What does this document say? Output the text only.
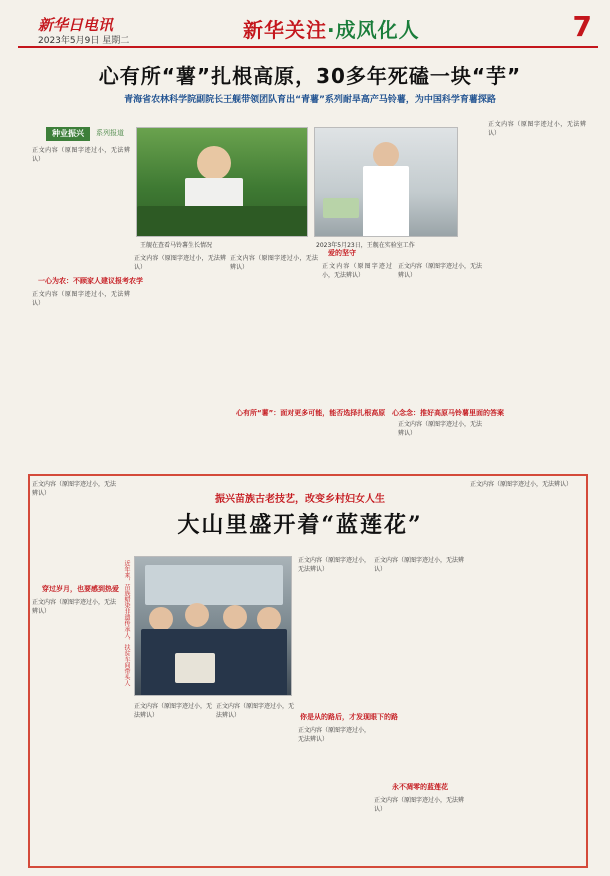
新华日电讯
2023年5月9日 星期二	新华关注·成风化人	7
心有所“薯”扎根高原，30多年死磕一块“芋”
青海省农林科学院副院长王舰带领团队育出“青薯”系列耐旱高产马铃薯，为中国科学育薯探路
种业振兴	系列报道
王舰在查看马铃薯生长情况	2023年5月23日，王舰在实验室工作
正文内容（原图字迹过小，无法辨认）
一心为农：不顾家人建议报考农学
正文内容（原图字迹过小，无法辨认）
正文内容（原图字迹过小，无法辨认）
心有所“薯”：面对更多可能，能否选择扎根高原
正文内容（原图字迹过小，无法辨认）
爱的坚守
正文内容（原图字迹过小，无法辨认）
正文内容（原图字迹过小，无法辨认）
心念念：推好高原马铃薯里面的答案
正文内容（原图字迹过小，无法辨认）
正文内容（原图字迹过小，无法辨认）
振兴苗族古老技艺，改变乡村妇女人生
大山里盛开着“蓝莲花”
近年来，苗族蜡染非遗传承人、扶贫车间带头人
正文内容（原图字迹过小，无法辨认）
穿过岁月，也要感到热爱
正文内容（原图字迹过小，无法辨认）
正文内容（原图字迹过小，无法辨认）
正文内容（原图字迹过小，无法辨认）
正文内容（原图字迹过小，无法辨认）
你是从的路后，才发现眼下的路
正文内容（原图字迹过小，无法辨认）
正文内容（原图字迹过小，无法辨认）
永不凋零的蓝莲花
正文内容（原图字迹过小，无法辨认）
正文内容（原图字迹过小，无法辨认）
